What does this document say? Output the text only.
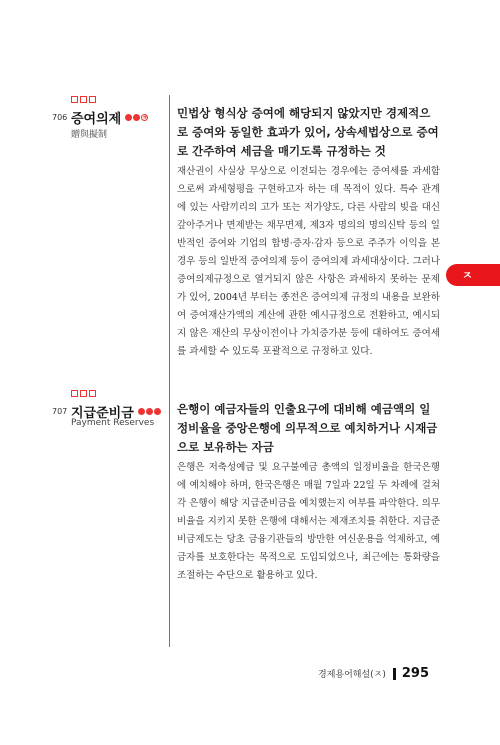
706 증여의제
+
贈與擬制
민법상 형식상 증여에 해당되지 않았지만 경제적으로 증여와 동일한 효과가 있어, 상속세법상으로 증여로 간주하여 세금을 매기도록 규정하는 것
재산권이 사실상 무상으로 이전되는 경우에는 증여세를 과세함으로써 과세형평을 구현하고자 하는 데 목적이 있다. 특수 관계에 있는 사람끼리의 고가 또는 저가양도, 다른 사람의 빚을 대신 갚아주거나 면제받는 채무면제, 제3자 명의의 명의신탁 등의 일반적인 증여와 기업의 합병·증자·감자 등으로 주주가 이익을 본 경우 등의 일반적 증여의제 등이 증여의제 과세대상이다. 그러나 증여의제규정으로 열거되지 않은 사항은 과세하지 못하는 문제가 있어, 2004년 부터는 종전은 증여의제 규정의 내용을 보완하여 증여재산가액의 계산에 관한 예시규정으로 전환하고, 예시되지 않은 재산의 무상이전이나 가치증가분 등에 대하여도 증여세를 과세할 수 있도록 포괄적으로 규정하고 있다.
707 지급준비금
Payment Reserves
은행이 예금자들의 인출요구에 대비해 예금액의 일정비율을 중앙은행에 의무적으로 예치하거나 시재금으로 보유하는 자금
은행은 저축성예금 및 요구불예금 총액의 일정비율을 한국은행에 예치해야 하며, 한국은행은 매월 7일과 22일 두 차례에 걸쳐 각 은행이 해당 지급준비금을 예치했는지 여부를 파악한다. 의무비율을 지키지 못한 은행에 대해서는 제재조치를 취한다. 지급준비금제도는 당초 금융기관들의 방만한 여신운용을 억제하고, 예금자를 보호한다는 목적으로 도입되었으나, 최근에는 통화량을 조절하는 수단으로 활용하고 있다.
ㅈ
경제용어해설(ㅈ) 295
